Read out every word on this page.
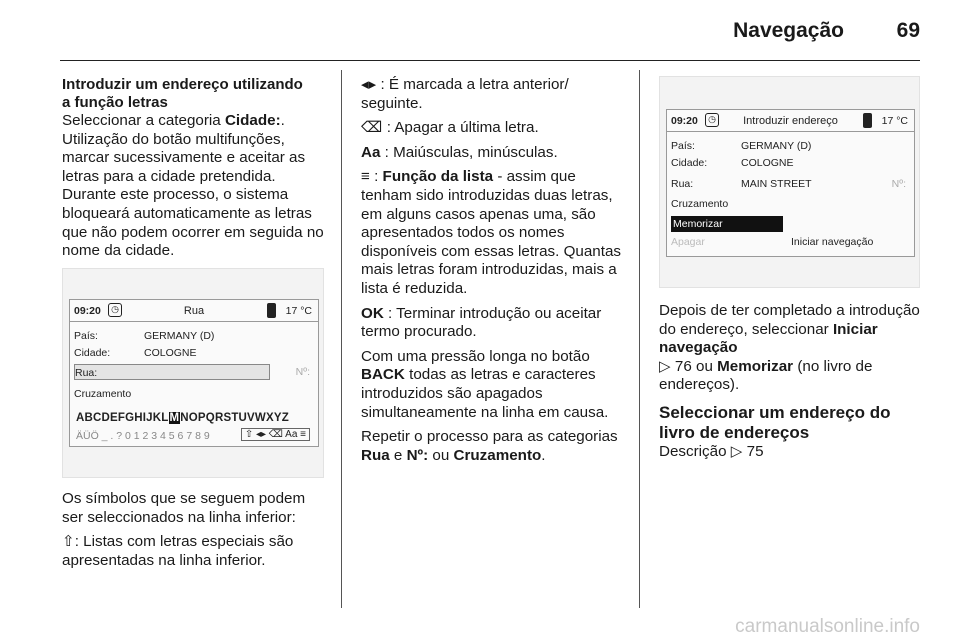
Navegação	69
Introduzir um endereço utilizando
a função letras

Seleccionar a categoria Cidade:. Utilização do botão multifunções, marcar sucessivamente e aceitar as letras para a cidade pretendida. Durante este processo, o sistema bloqueará automaticamente as letras que não podem ocorrer em seguida no nome da cidade.

09:20	◷	Rua	17 °C
País:	GERMANY (D)
Cidade:	COLOGNE
Rua:	Nº:
Cruzamento
ABCDEFGHIJKLMNOPQRSTUVWXYZ
ÄÜÖ _ . ? 0 1 2 3 4 5 6 7 8 9	⇧ ◂▸ ⌫ Aa ≡

Os símbolos que se seguem podem ser seleccionados na linha inferior:

⇧: Listas com letras especiais são apresentadas na linha inferior.

◂▸ : É marcada a letra anterior/ seguinte.

⌫ : Apagar a última letra.

Aa : Maiúsculas, minúsculas.

≡ : Função da lista - assim que tenham sido introduzidas duas letras, em alguns casos apenas uma, são apresentados todos os nomes disponíveis com essas letras. Quantas mais letras foram introduzidas, mais a lista é reduzida.

OK : Terminar introdução ou aceitar termo procurado.

Com uma pressão longa no botão BACK todas as letras e caracteres introduzidos são apagados simultaneamente na linha em causa.

Repetir o processo para as categorias Rua e Nº: ou Cruzamento.

09:20	◷	Introduzir endereço	17 °C
País:	GERMANY (D)
Cidade:	COLOGNE
Rua:	MAIN STREET	Nº:
Cruzamento
Memorizar
Apagar	Iniciar navegação

Depois de ter completado a introdução do endereço, seleccionar Iniciar navegação
▷ 76 ou Memorizar (no livro de endereços).

Seleccionar um endereço do livro de endereços

Descrição ▷ 75

carmanualsonline.info
